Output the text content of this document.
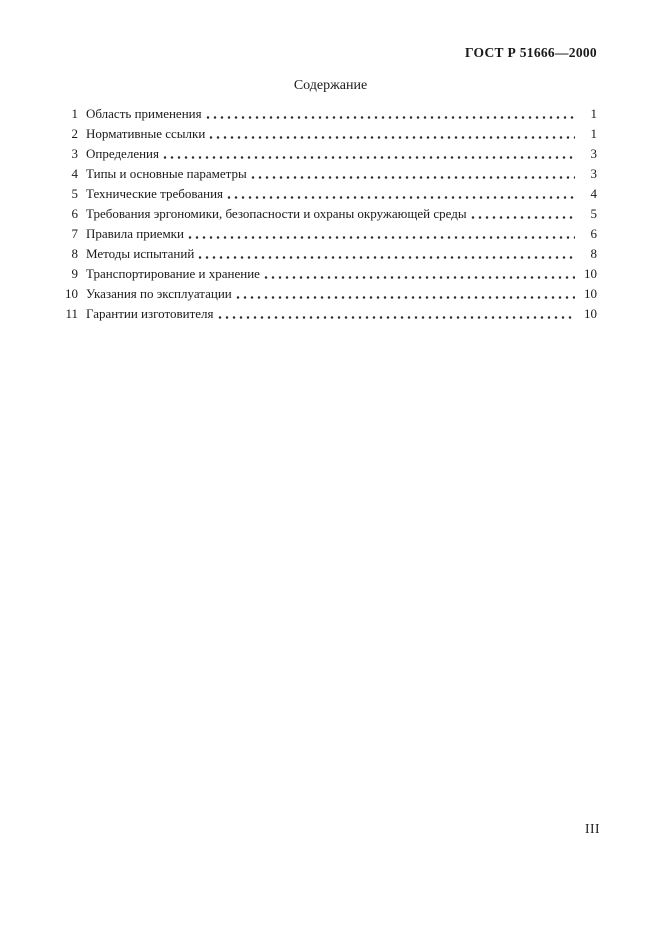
ГОСТ Р 51666—2000
Содержание
1 Область применения	1
2 Нормативные ссылки	1
3 Определения	3
4 Типы и основные параметры	3
5 Технические требования	4
6 Требования эргономики, безопасности и охраны окружающей среды	5
7 Правила приемки	6
8 Методы испытаний	8
9 Транспортирование и хранение	10
10 Указания по эксплуатации	10
11 Гарантии изготовителя	10
III
